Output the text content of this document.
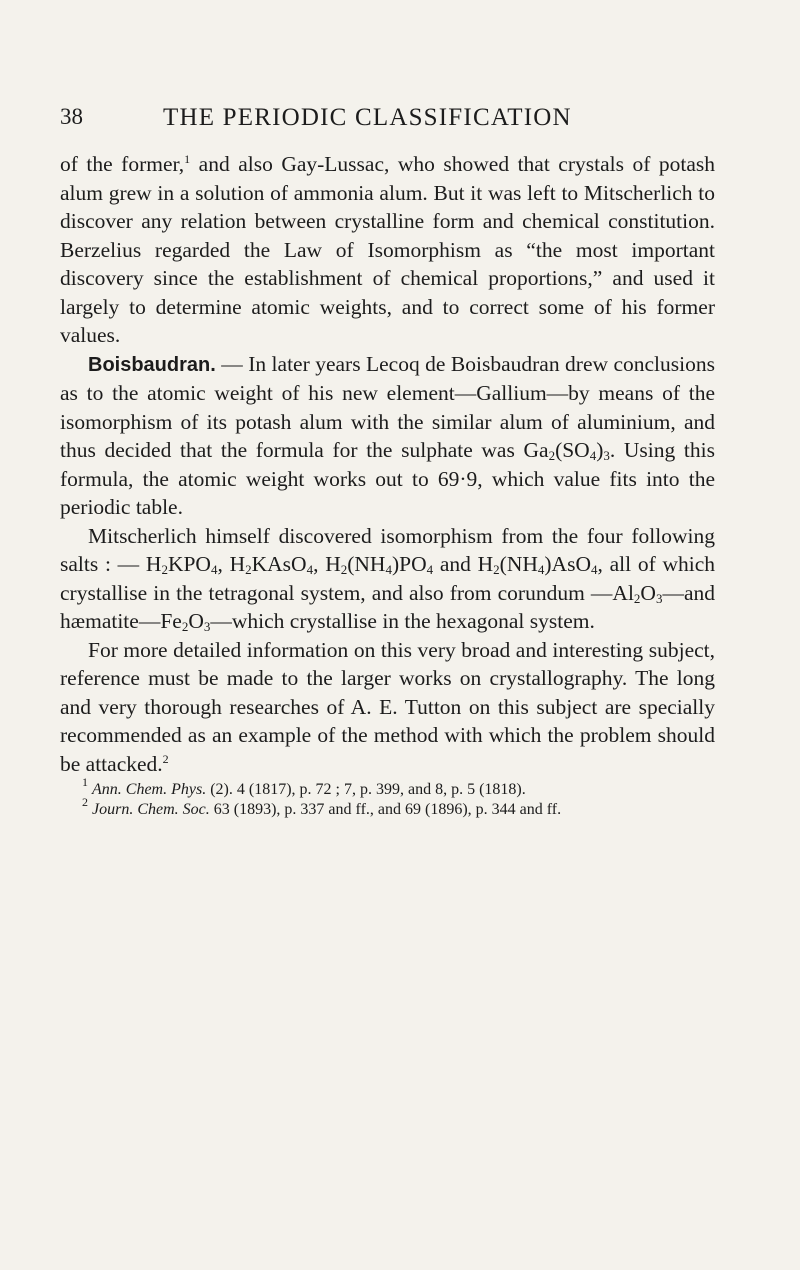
38	THE PERIODIC CLASSIFICATION

of the former,$^1$ and also Gay-Lussac, who showed that crystals of potash alum grew in a solution of ammonia alum. But it was left to Mitscherlich to discover any relation between crystalline form and chemical constitution. Berzelius regarded the Law of Isomorphism as “the most important discovery since the establishment of chemical proportions,” and used it largely to determine atomic weights, and to correct some of his former values.

Boisbaudran. — In later years Lecoq de Boisbaudran drew conclusions as to the atomic weight of his new element—Gallium—by means of the isomorphism of its potash alum with the similar alum of aluminium, and thus decided that the formula for the sulphate was $Ga_2(SO_4)_3$. Using this formula, the atomic weight works out to 69·9, which value fits into the periodic table.

Mitscherlich himself discovered isomorphism from the four following salts : — $H_2KPO_4$, $H_2KAsO_4$, $H_2(NH_4)PO_4$ and $H_2(NH_4)AsO_4$, all of which crystallise in the tetragonal system, and also from corundum $—Al_2O_3—and$ $hæmatite—Fe_2O_3—which$ crystallise in the hexagonal system.

For more detailed information on this very broad and interesting subject, reference must be made to the larger works on crystallography. The long and very thorough researches of A. E. Tutton on this subject are specially recommended as an example of the method with which the problem should be attacked.$^2$

$^1$ Ann. Chem. Phys. (2). 4 (1817), p. 72 ; 7, p. 399, and 8, p. 5 (1818).

$^2$ Journ. Chem. Soc. 63 (1893), p. 337 and ff., and 69 (1896), p. 344 and ff.
